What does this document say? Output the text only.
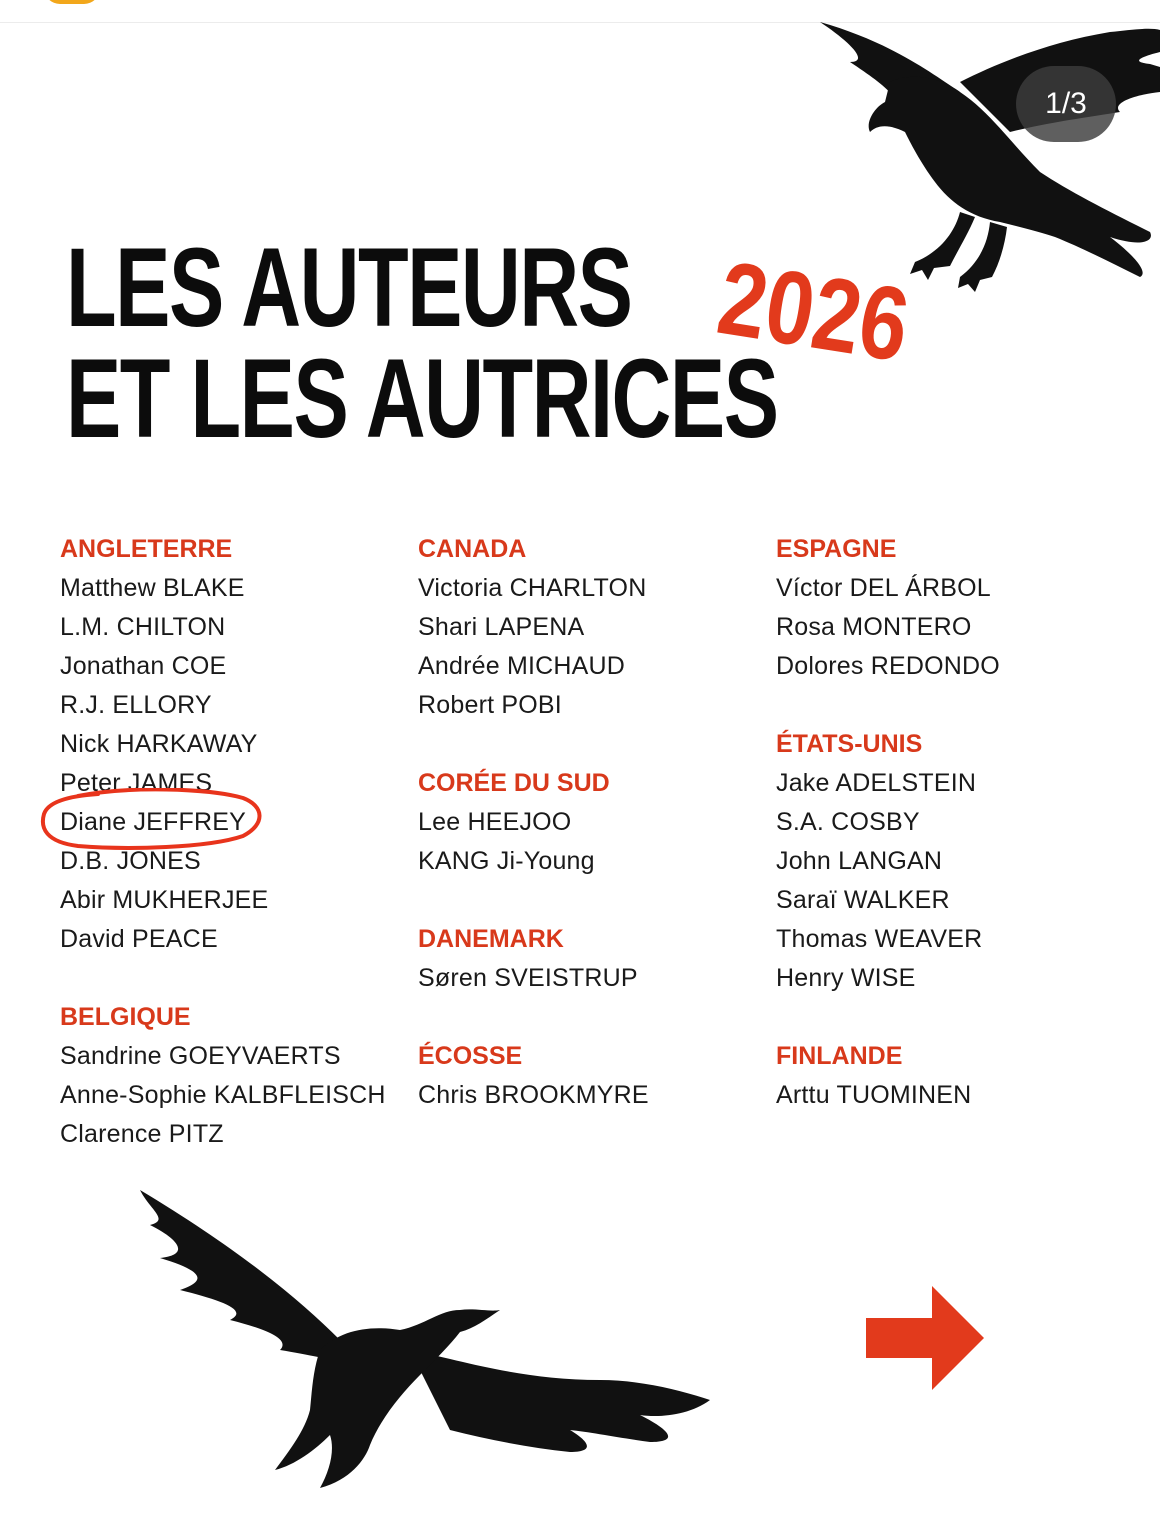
1/3
LES AUTEURS
ET LES AUTRICES
2026
ANGLETERRE
Matthew BLAKE
L.M. CHILTON
Jonathan COE
R.J. ELLORY
Nick HARKAWAY
Peter JAMES
Diane JEFFREY
D.B. JONES
Abir MUKHERJEE
David PEACE
BELGIQUE
Sandrine GOEYVAERTS
Anne-Sophie KALBFLEISCH
Clarence PITZ
CANADA
Victoria CHARLTON
Shari LAPENA
Andrée MICHAUD
Robert POBI
CORÉE DU SUD
Lee HEEJOO
KANG Ji-Young
DANEMARK
Søren SVEISTRUP
ÉCOSSE
Chris BROOKMYRE
ESPAGNE
Víctor DEL ÁRBOL
Rosa MONTERO
Dolores REDONDO
ÉTATS-UNIS
Jake ADELSTEIN
S.A. COSBY
John LANGAN
Saraï WALKER
Thomas WEAVER
Henry WISE
FINLANDE
Arttu TUOMINEN
